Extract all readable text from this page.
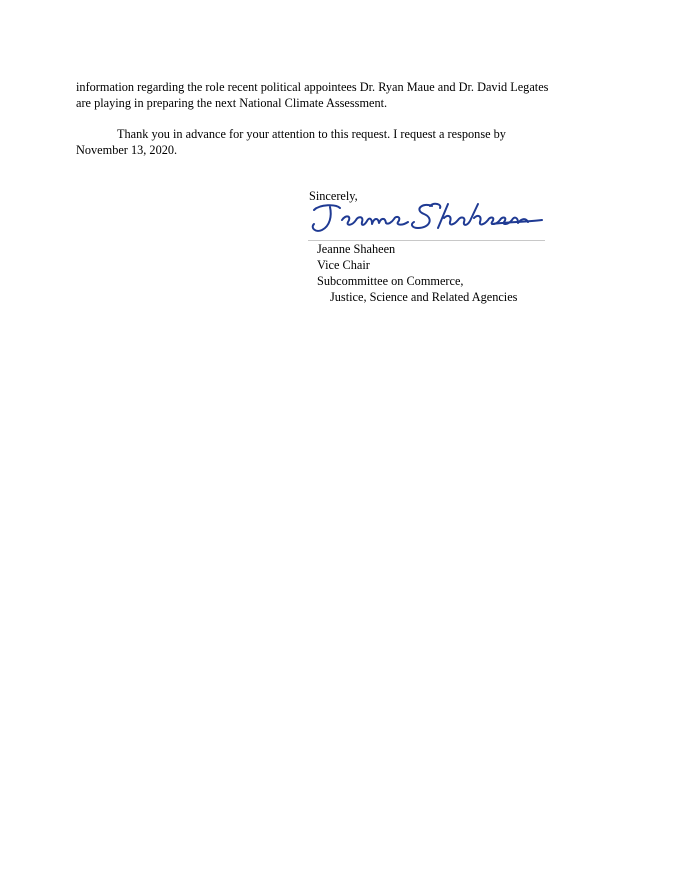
information regarding the role recent political appointees Dr. Ryan Maue and Dr. David Legates
are playing in preparing the next National Climate Assessment.
Thank you in advance for your attention to this request. I request a response by
November 13, 2020.
Sincerely,
Jeanne Shaheen
Vice Chair
Subcommittee on Commerce,
Justice, Science and Related Agencies
